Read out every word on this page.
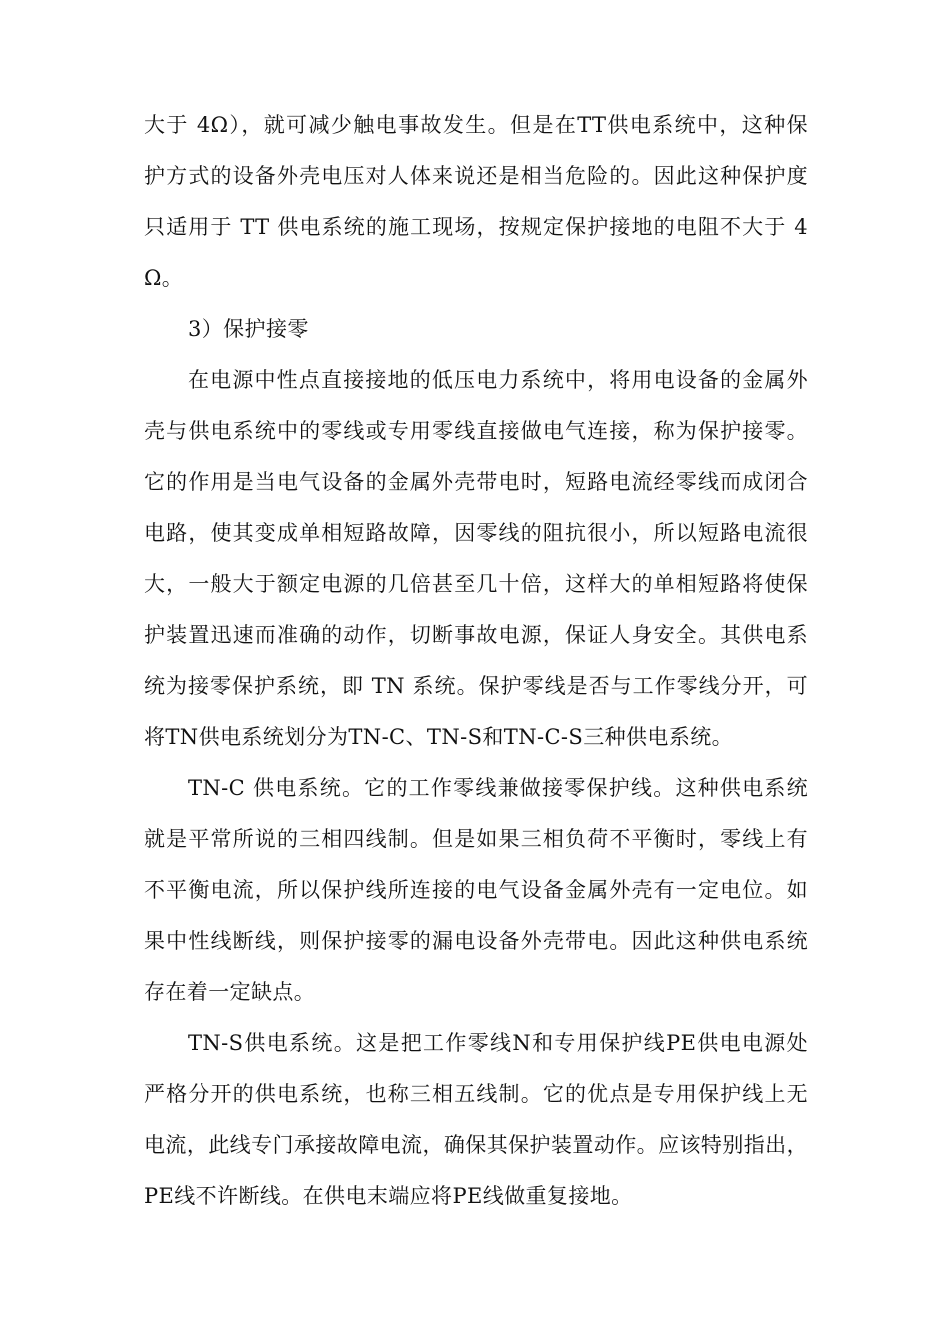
大于 4Ω），就可减少触电事故发生。但是在TT供电系统中，这种保
护方式的设备外壳电压对人体来说还是相当危险的。因此这种保护度
只适用于 TT 供电系统的施工现场，按规定保护接地的电阻不大于 4
Ω。
3）保护接零
在电源中性点直接接地的低压电力系统中，将用电设备的金属外
壳与供电系统中的零线或专用零线直接做电气连接，称为保护接零。
它的作用是当电气设备的金属外壳带电时，短路电流经零线而成闭合
电路，使其变成单相短路故障，因零线的阻抗很小，所以短路电流很
大，一般大于额定电源的几倍甚至几十倍，这样大的单相短路将使保
护装置迅速而准确的动作，切断事故电源，保证人身安全。其供电系
统为接零保护系统，即 TN 系统。保护零线是否与工作零线分开，可
将TN供电系统划分为TN-C、TN-S和TN-C-S三种供电系统。
TN-C 供电系统。它的工作零线兼做接零保护线。这种供电系统
就是平常所说的三相四线制。但是如果三相负荷不平衡时，零线上有
不平衡电流，所以保护线所连接的电气设备金属外壳有一定电位。如
果中性线断线，则保护接零的漏电设备外壳带电。因此这种供电系统
存在着一定缺点。
TN-S供电系统。这是把工作零线N和专用保护线PE供电电源处
严格分开的供电系统，也称三相五线制。它的优点是专用保护线上无
电流，此线专门承接故障电流，确保其保护装置动作。应该特别指出，
PE线不许断线。在供电末端应将PE线做重复接地。
